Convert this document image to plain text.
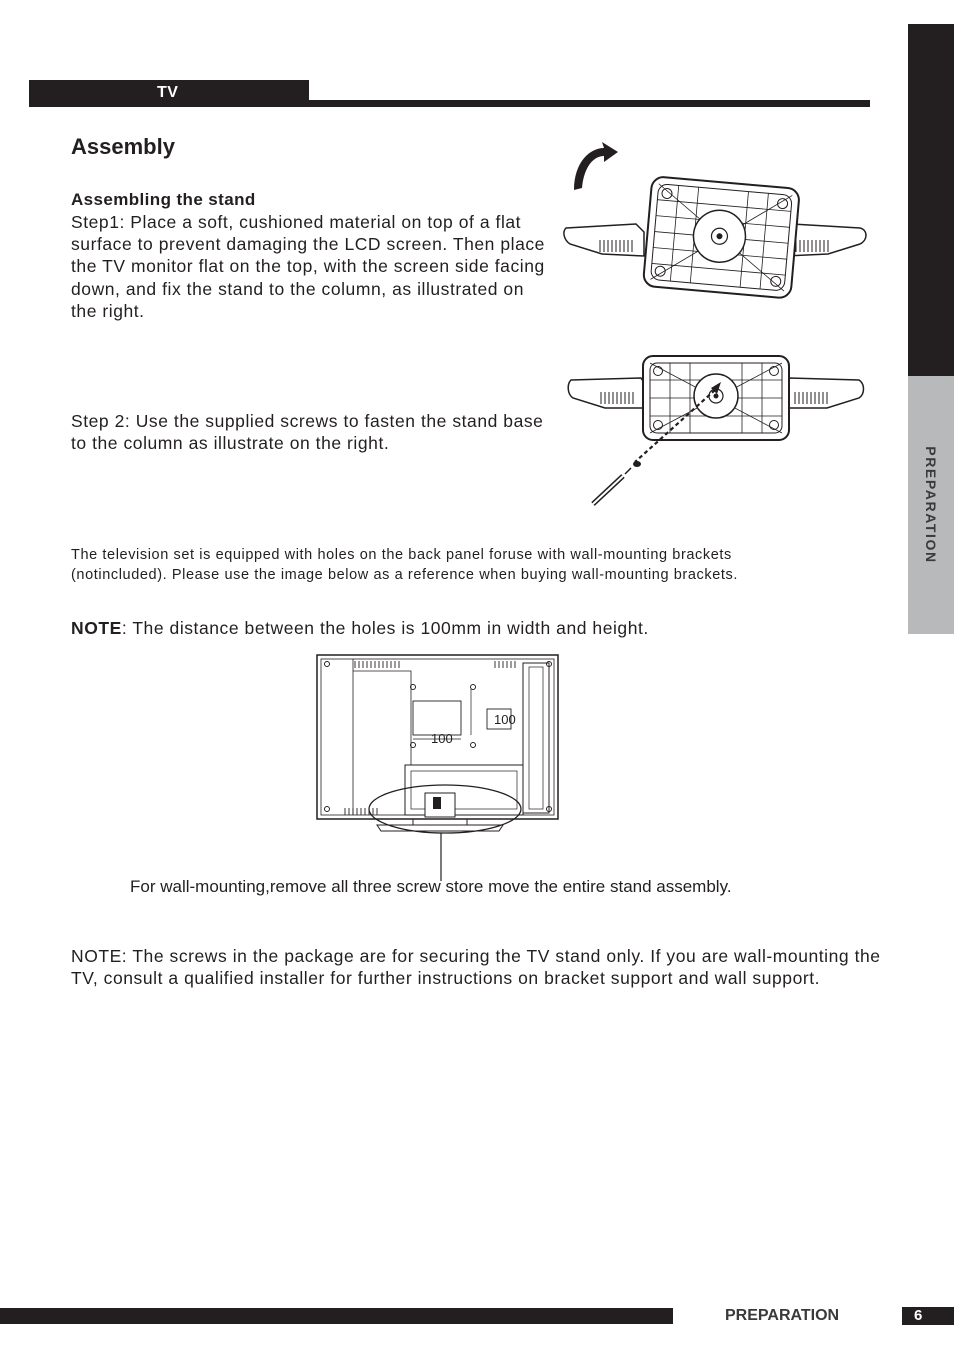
TV
PREPARATION
Assembly
Assembling the stand
Step1: Place a soft, cushioned material on top of a flat surface to prevent damaging the LCD screen. Then place the TV monitor flat on the top, with the screen side facing down, and fix the stand to the column, as illustrated on the right.
Step 2: Use the supplied screws to fasten the stand base to the column as illustrate on the right.
The television set is equipped with holes on the back panel foruse with wall-mounting brackets (notincluded). Please use the image below as a reference when buying wall-mounting brackets.
NOTE: The distance between the holes is 100mm in width and height.
For wall-mounting,remove all three screw store move the entire stand assembly.
NOTE: The screws in the package are for securing the TV stand only. If you are wall-mounting the TV, consult a qualified installer for further instructions on bracket support and wall support.
100
100
PREPARATION	6
